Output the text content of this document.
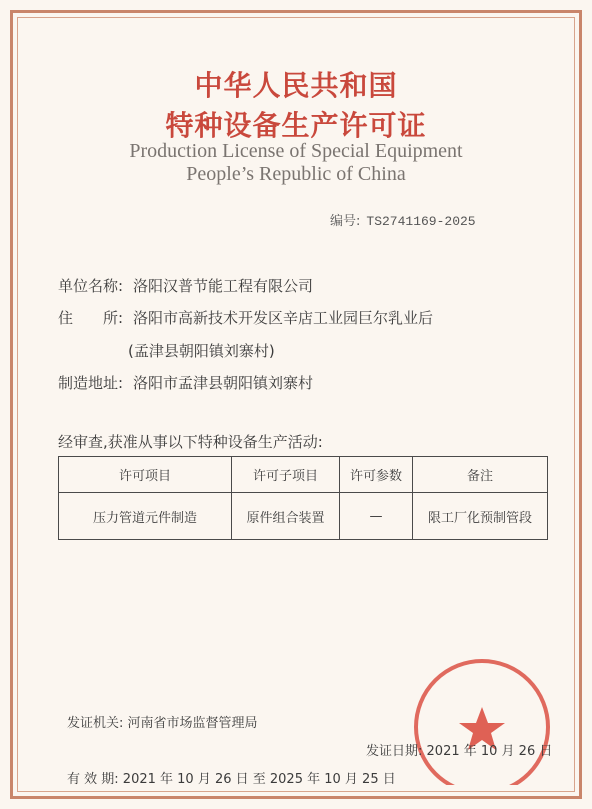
中华人民共和国
特种设备生产许可证
Production License of Special Equipment
People’s Republic of China
编号: TS2741169-2025
单位名称: 洛阳汉普节能工程有限公司
住　　所: 洛阳市高新技术开发区辛店工业园巨尔乳业后
(孟津县朝阳镇刘寨村)
制造地址: 洛阳市孟津县朝阳镇刘寨村
经审查,获准从事以下特种设备生产活动:
许可项目	许可子项目	许可参数	备注
压力管道元件制造	原件组合装置	—	限工厂化预制管段
发证机关: 河南省市场监督管理局
发证日期: 2021 年 10 月 26 日
有 效 期: 2021 年 10 月 26 日 至 2025 年 10 月 25 日
